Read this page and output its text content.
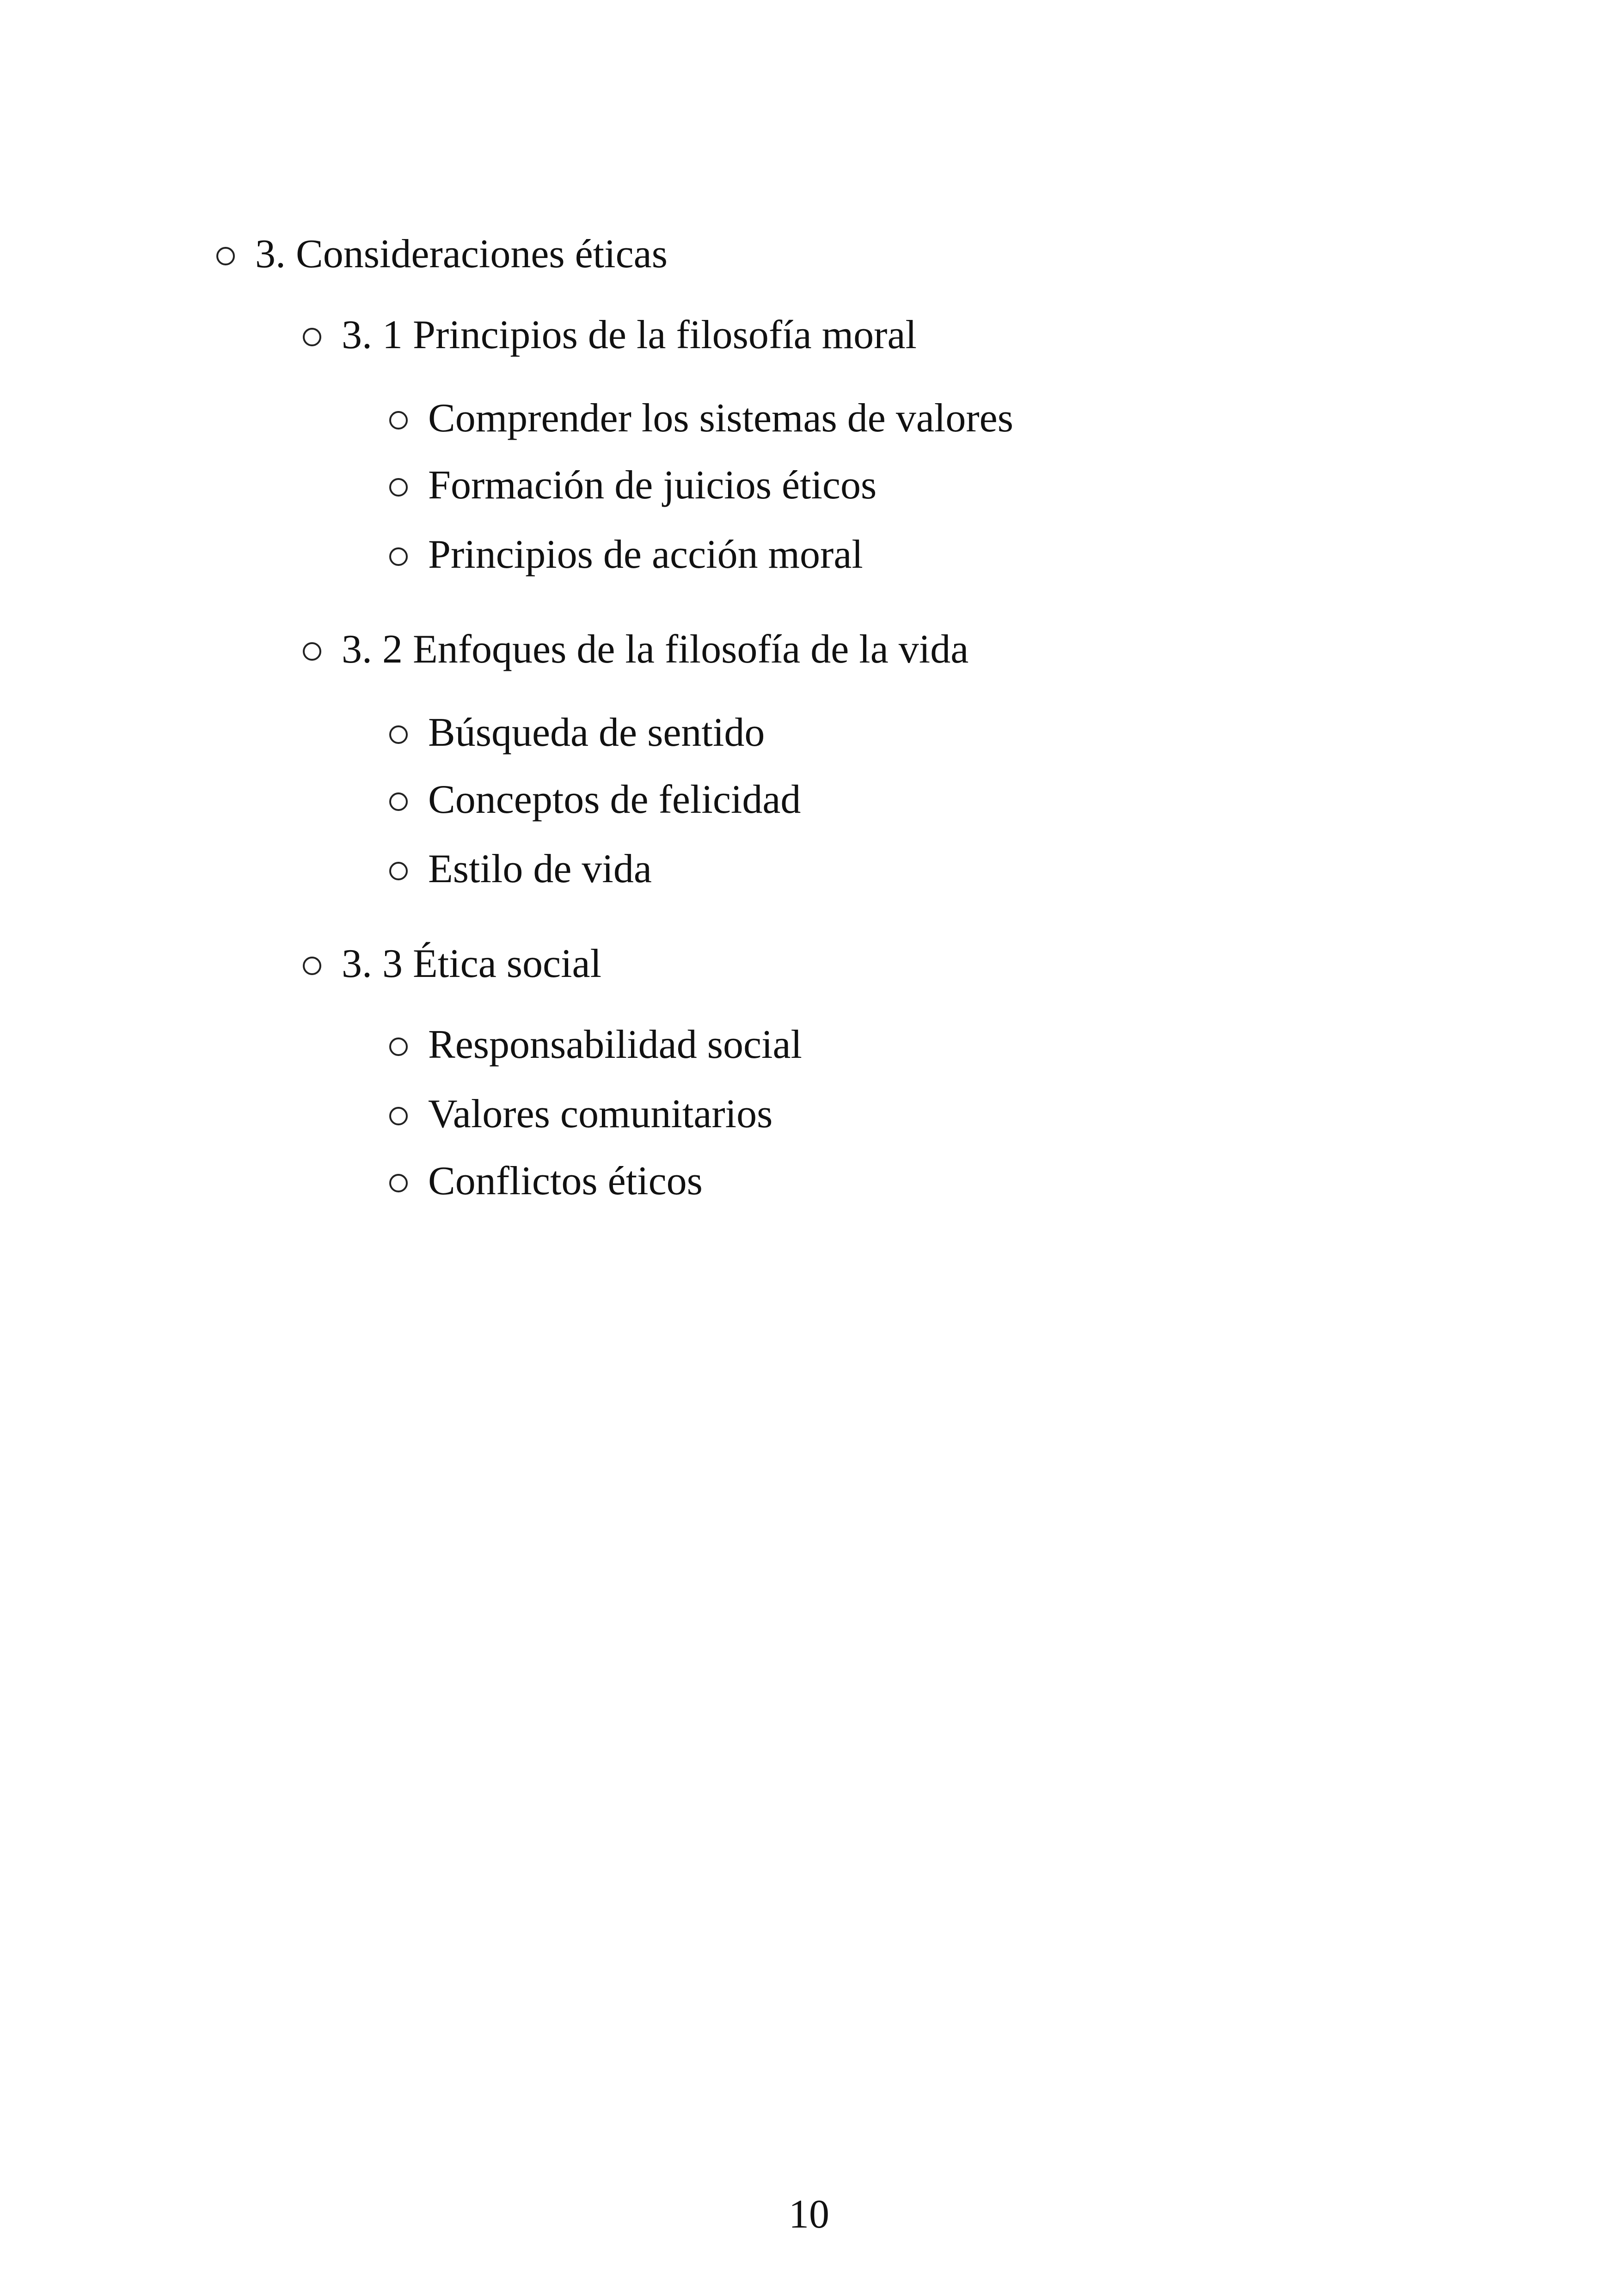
3. Consideraciones éticas
3. 1 Principios de la filosofía moral
Comprender los sistemas de valores
Formación de juicios éticos
Principios de acción moral
3. 2 Enfoques de la filosofía de la vida
Búsqueda de sentido
Conceptos de felicidad
Estilo de vida
3. 3 Ética social
Responsabilidad social
Valores comunitarios
Conflictos éticos
10
